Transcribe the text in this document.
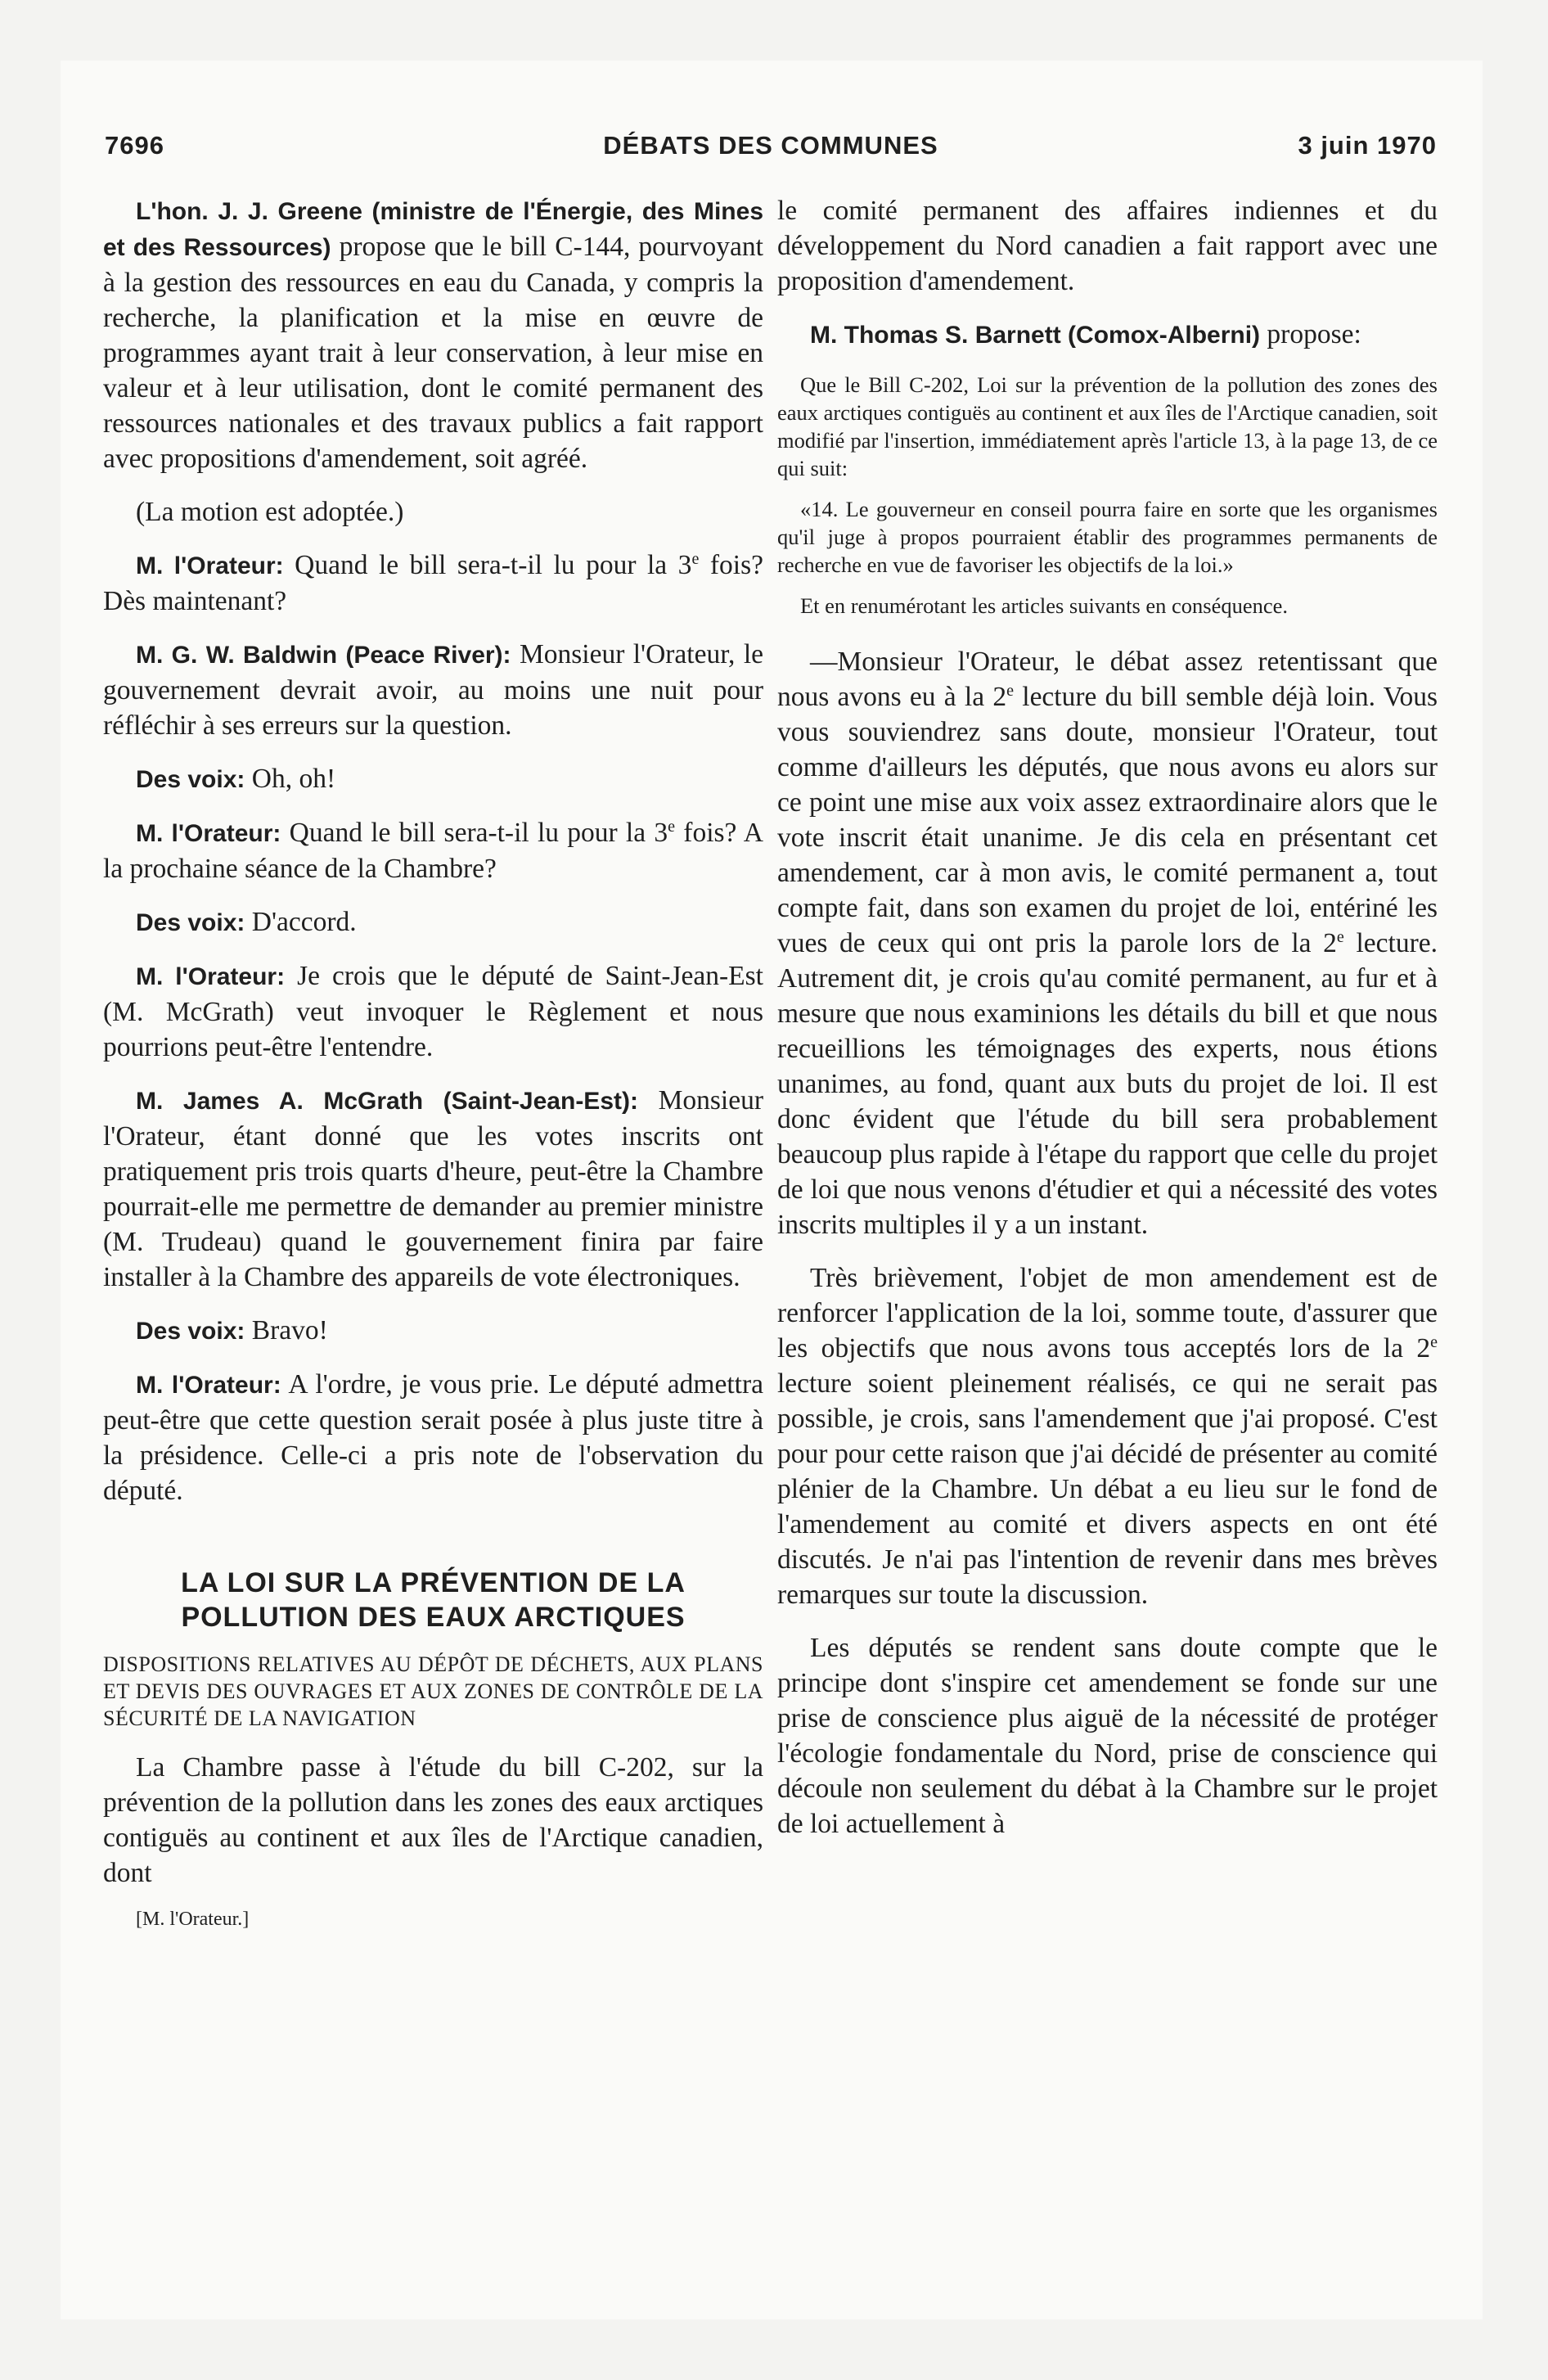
7696	DÉBATS DES COMMUNES	3 juin 1970

L'hon. J. J. Greene (ministre de l'Énergie, des Mines et des Ressources) propose que le bill C-144, pourvoyant à la gestion des ressources en eau du Canada, y compris la recherche, la planification et la mise en œuvre de programmes ayant trait à leur conservation, à leur mise en valeur et à leur utilisation, dont le comité permanent des ressources nationales et des travaux publics a fait rapport avec propositions d'amendement, soit agréé.

(La motion est adoptée.)

M. l'Orateur: Quand le bill sera-t-il lu pour la 3e fois? Dès maintenant?

M. G. W. Baldwin (Peace River): Monsieur l'Orateur, le gouvernement devrait avoir, au moins une nuit pour réfléchir à ses erreurs sur la question.

Des voix: Oh, oh!

M. l'Orateur: Quand le bill sera-t-il lu pour la 3e fois? A la prochaine séance de la Chambre?

Des voix: D'accord.

M. l'Orateur: Je crois que le député de Saint-Jean-Est (M. McGrath) veut invoquer le Règlement et nous pourrions peut-être l'entendre.

M. James A. McGrath (Saint-Jean-Est): Monsieur l'Orateur, étant donné que les votes inscrits ont pratiquement pris trois quarts d'heure, peut-être la Chambre pourrait-elle me permettre de demander au premier ministre (M. Trudeau) quand le gouvernement finira par faire installer à la Chambre des appareils de vote électroniques.

Des voix: Bravo!

M. l'Orateur: A l'ordre, je vous prie. Le député admettra peut-être que cette question serait posée à plus juste titre à la présidence. Celle-ci a pris note de l'observation du député.

LA LOI SUR LA PRÉVENTION DE LA POLLUTION DES EAUX ARCTIQUES
DISPOSITIONS RELATIVES AU DÉPÔT DE DÉCHETS, AUX PLANS ET DEVIS DES OUVRAGES ET AUX ZONES DE CONTRÔLE DE LA SÉCURITÉ DE LA NAVIGATION

La Chambre passe à l'étude du bill C-202, sur la prévention de la pollution dans les zones des eaux arctiques contiguës au continent et aux îles de l'Arctique canadien, dont

[M. l'Orateur.]

le comité permanent des affaires indiennes et du développement du Nord canadien a fait rapport avec une proposition d'amendement.

M. Thomas S. Barnett (Comox-Alberni) propose:

Que le Bill C-202, Loi sur la prévention de la pollution des zones des eaux arctiques contiguës au continent et aux îles de l'Arctique canadien, soit modifié par l'insertion, immédiatement après l'article 13, à la page 13, de ce qui suit:

«14. Le gouverneur en conseil pourra faire en sorte que les organismes qu'il juge à propos pourraient établir des programmes permanents de recherche en vue de favoriser les objectifs de la loi.»

Et en renumérotant les articles suivants en conséquence.

—Monsieur l'Orateur, le débat assez retentissant que nous avons eu à la 2e lecture du bill semble déjà loin. Vous vous souviendrez sans doute, monsieur l'Orateur, tout comme d'ailleurs les députés, que nous avons eu alors sur ce point une mise aux voix assez extraordinaire alors que le vote inscrit était unanime. Je dis cela en présentant cet amendement, car à mon avis, le comité permanent a, tout compte fait, dans son examen du projet de loi, entériné les vues de ceux qui ont pris la parole lors de la 2e lecture. Autrement dit, je crois qu'au comité permanent, au fur et à mesure que nous examinions les détails du bill et que nous recueillions les témoignages des experts, nous étions unanimes, au fond, quant aux buts du projet de loi. Il est donc évident que l'étude du bill sera probablement beaucoup plus rapide à l'étape du rapport que celle du projet de loi que nous venons d'étudier et qui a nécessité des votes inscrits multiples il y a un instant.

Très brièvement, l'objet de mon amendement est de renforcer l'application de la loi, somme toute, d'assurer que les objectifs que nous avons tous acceptés lors de la 2e lecture soient pleinement réalisés, ce qui ne serait pas possible, je crois, sans l'amendement que j'ai proposé. C'est pour pour cette raison que j'ai décidé de présenter au comité plénier de la Chambre. Un débat a eu lieu sur le fond de l'amendement au comité et divers aspects en ont été discutés. Je n'ai pas l'intention de revenir dans mes brèves remarques sur toute la discussion.

Les députés se rendent sans doute compte que le principe dont s'inspire cet amendement se fonde sur une prise de conscience plus aiguë de la nécessité de protéger l'écologie fondamentale du Nord, prise de conscience qui découle non seulement du débat à la Chambre sur le projet de loi actuellement à
